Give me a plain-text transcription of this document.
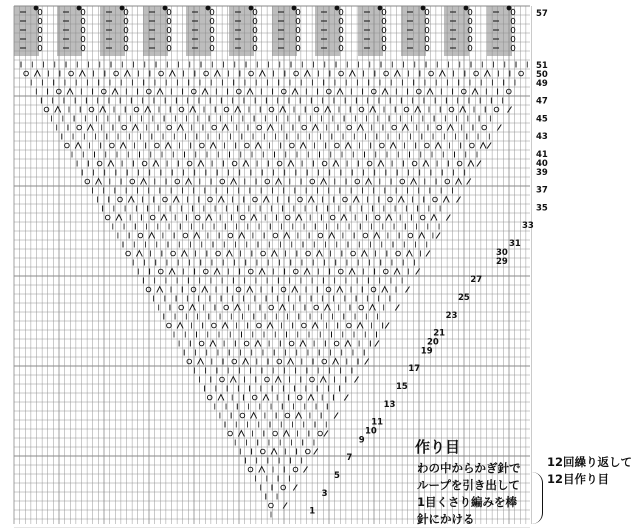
57
51
50
49
47
45
43
41
40
39
37
35
33
31
30
29
27
25
23
21
20
19
17
15
13
11
10
9
7
5
3
1
作り目
わの中からかぎ針で
ループを引き出して
1目くさり編みを棒
針にかける
12回繰り返して
12目作り目
